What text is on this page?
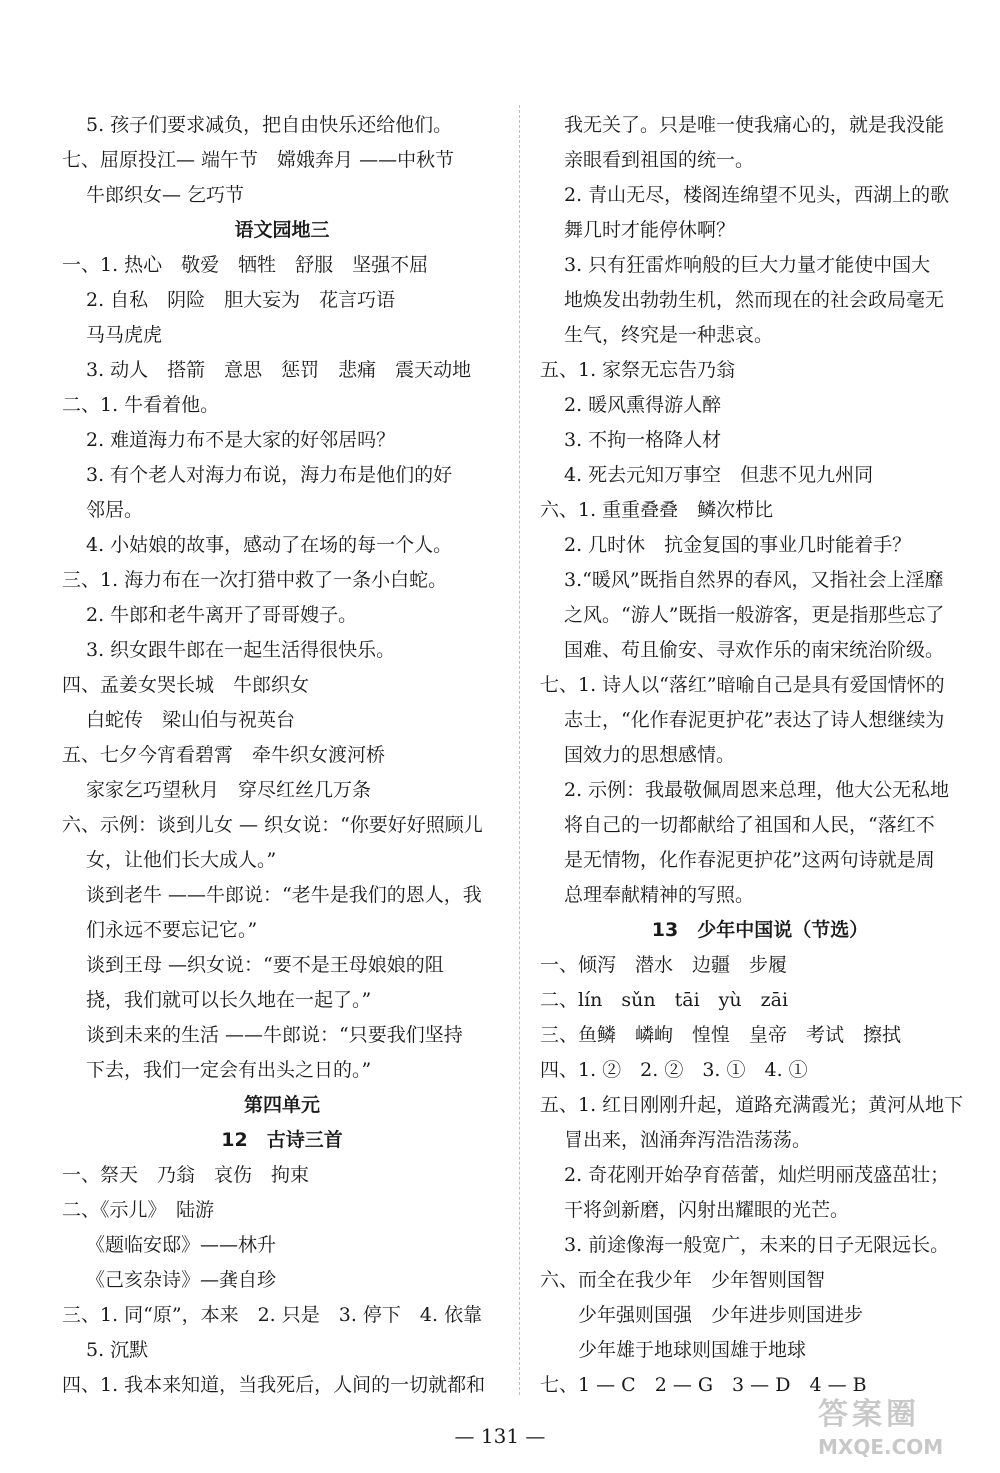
5. 孩子们要求减负，把自由快乐还给他们。
七、屈原投江— 端午节　嫦娥奔月 ——中秋节
牛郎织女— 乞巧节
语文园地三
一、1. 热心　敬爱　牺牲　舒服　坚强不屈
2. 自私　阴险　胆大妄为　花言巧语
马马虎虎
3. 动人　搭箭　意思　惩罚　悲痛　震天动地
二、1. 牛看着他。
2. 难道海力布不是大家的好邻居吗？
3. 有个老人对海力布说，海力布是他们的好
邻居。
4. 小姑娘的故事，感动了在场的每一个人。
三、1. 海力布在一次打猎中救了一条小白蛇。
2. 牛郎和老牛离开了哥哥嫂子。
3. 织女跟牛郎在一起生活得很快乐。
四、孟姜女哭长城　牛郎织女
白蛇传　梁山伯与祝英台
五、七夕今宵看碧霄　牵牛织女渡河桥
家家乞巧望秋月　穿尽红丝几万条
六、示例：谈到儿女 — 织女说：“你要好好照顾儿
女，让他们长大成人。”
谈到老牛 ——牛郎说：“老牛是我们的恩人，我
们永远不要忘记它。”
谈到王母 —织女说：“要不是王母娘娘的阻
挠，我们就可以长久地在一起了。”
谈到未来的生活 ——牛郎说：“只要我们坚持
下去，我们一定会有出头之日的。”
第四单元
12　古诗三首
一、祭天　乃翁　哀伤　拘束
二、《示儿》　陆游
《题临安邸》——林升
《己亥杂诗》—龚自珍
三、1. 同“原”，本来　2. 只是　3. 停下　4. 依靠
5. 沉默
四、1. 我本来知道，当我死后，人间的一切就都和
我无关了。只是唯一使我痛心的，就是我没能
亲眼看到祖国的统一。
2. 青山无尽，楼阁连绵望不见头，西湖上的歌
舞几时才能停休啊？
3. 只有狂雷炸响般的巨大力量才能使中国大
地焕发出勃勃生机，然而现在的社会政局毫无
生气，终究是一种悲哀。
五、1. 家祭无忘告乃翁
2. 暖风熏得游人醉
3. 不拘一格降人材
4. 死去元知万事空　但悲不见九州同
六、1. 重重叠叠　鳞次栉比
2. 几时休　抗金复国的事业几时能着手？
3.“暖风”既指自然界的春风，又指社会上淫靡
之风。“游人”既指一般游客，更是指那些忘了
国难、苟且偷安、寻欢作乐的南宋统治阶级。
七、1. 诗人以“落红”暗喻自己是具有爱国情怀的
志士，“化作春泥更护花”表达了诗人想继续为
国效力的思想感情。
2. 示例：我最敬佩周恩来总理，他大公无私地
将自己的一切都献给了祖国和人民，“落红不
是无情物，化作春泥更护花”这两句诗就是周
总理奉献精神的写照。
13　少年中国说（节选）
一、倾泻　潜水　边疆　步履
二、lín　sǔn　tāi　yù　zāi
三、鱼鳞　嶙峋　惶惶　皇帝　考试　擦拭
四、1. ②　2. ②　3. ①　4. ①
五、1. 红日刚刚升起，道路充满霞光；黄河从地下
冒出来，汹涌奔泻浩浩荡荡。
2. 奇花刚开始孕育蓓蕾，灿烂明丽茂盛茁壮；
干将剑新磨，闪射出耀眼的光芒。
3. 前途像海一般宽广，未来的日子无限远长。
六、而全在我少年　少年智则国智
少年强则国强　少年进步则国进步
少年雄于地球则国雄于地球
七、1 — C　2 — G　3 — D　4 — B
— 131 —
答案圈
MXQE.COM
